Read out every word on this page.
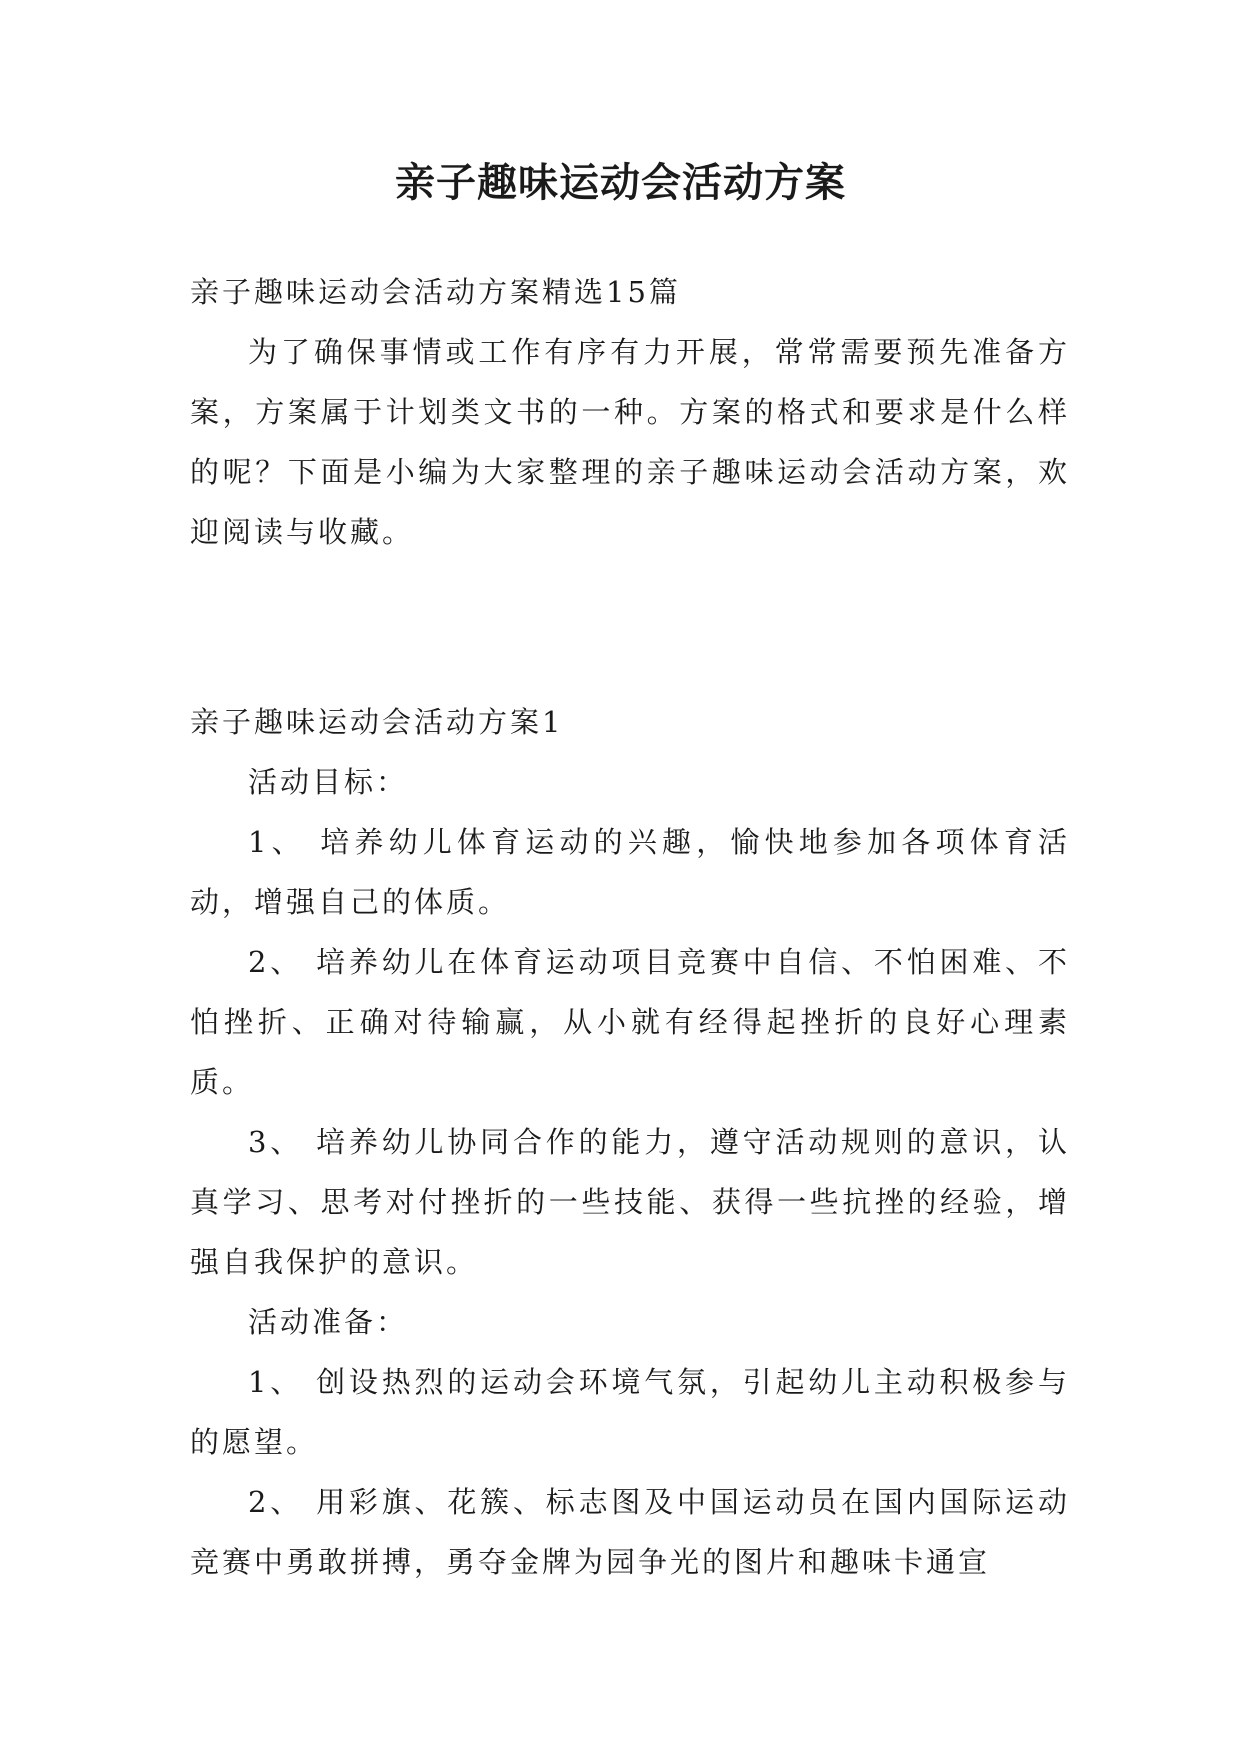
亲子趣味运动会活动方案

亲子趣味运动会活动方案精选15篇

为了确保事情或工作有序有力开展，常常需要预先准备方案，方案属于计划类文书的一种。方案的格式和要求是什么样的呢？下面是小编为大家整理的亲子趣味运动会活动方案，欢迎阅读与收藏。

亲子趣味运动会活动方案1

活动目标：

1、 培养幼儿体育运动的兴趣，愉快地参加各项体育活动，增强自己的体质。

2、 培养幼儿在体育运动项目竞赛中自信、不怕困难、不怕挫折、正确对待输赢，从小就有经得起挫折的良好心理素质。

3、 培养幼儿协同合作的能力，遵守活动规则的意识，认真学习、思考对付挫折的一些技能、获得一些抗挫的经验，增强自我保护的意识。

活动准备：

1、 创设热烈的运动会环境气氛，引起幼儿主动积极参与的愿望。

2、 用彩旗、花簇、标志图及中国运动员在国内国际运动竞赛中勇敢拼搏，勇夺金牌为园争光的图片和趣味卡通宣
